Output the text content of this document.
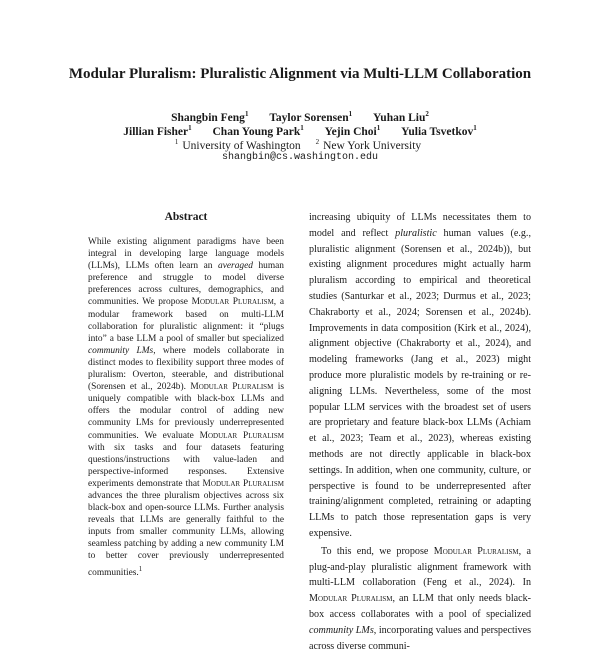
Modular Pluralism: Pluralistic Alignment via Multi-LLM Collaboration
Shangbin Feng$^1$ Taylor Sorensen$^1$ Yuhan Liu$^2$
Jillian Fisher$^1$ Chan Young Park$^1$ Yejin Choi$^1$ Yulia Tsvetkov$^1$
$^1$ University of Washington $^2$ New York University
shangbin@cs.washington.edu
Abstract
While existing alignment paradigms have been integral in developing large language models (LLMs), LLMs often learn an averaged human preference and struggle to model diverse preferences across cultures, demographics, and communities. We propose Modular Pluralism, a modular framework based on multi-LLM collaboration for pluralistic alignment: it “plugs into” a base LLM a pool of smaller but specialized community LMs, where models collaborate in distinct modes to flexibility support three modes of pluralism: Overton, steerable, and distributional (Sorensen et al., 2024b). Modular Pluralism is uniquely compatible with black-box LLMs and offers the modular control of adding new community LMs for previously underrepresented communities. We evaluate Modular Pluralism with six tasks and four datasets featuring questions/instructions with value-laden and perspective-informed responses. Extensive experiments demonstrate that Modular Pluralism advances the three pluralism objectives across six black-box and open-source LLMs. Further analysis reveals that LLMs are generally faithful to the inputs from smaller community LLMs, allowing seamless patching by adding a new community LM to better cover previously underrepresented communities.$^1$

increasing ubiquity of LLMs necessitates them to model and reflect pluralistic human values (e.g., pluralistic alignment (Sorensen et al., 2024b)), but existing alignment procedures might actually harm pluralism according to empirical and theoretical studies (Santurkar et al., 2023; Durmus et al., 2023; Chakraborty et al., 2024; Sorensen et al., 2024b). Improvements in data composition (Kirk et al., 2024), alignment objective (Chakraborty et al., 2024), and modeling frameworks (Jang et al., 2023) might produce more pluralistic models by re-training or re-aligning LLMs. Nevertheless, some of the most popular LLM services with the broadest set of users are proprietary and feature black-box LLMs (Achiam et al., 2023; Team et al., 2023), whereas existing methods are not directly applicable in black-box settings. In addition, when one community, culture, or perspective is found to be underrepresented after training/alignment completed, retraining or adapting LLMs to patch those representation gaps is very expensive.

To this end, we propose Modular Pluralism, a plug-and-play pluralistic alignment framework with multi-LLM collaboration (Feng et al., 2024). In Modular Pluralism, an LLM that only needs black-box access collaborates with a pool of specialized community LMs, incorporating values and perspectives across diverse communi-
